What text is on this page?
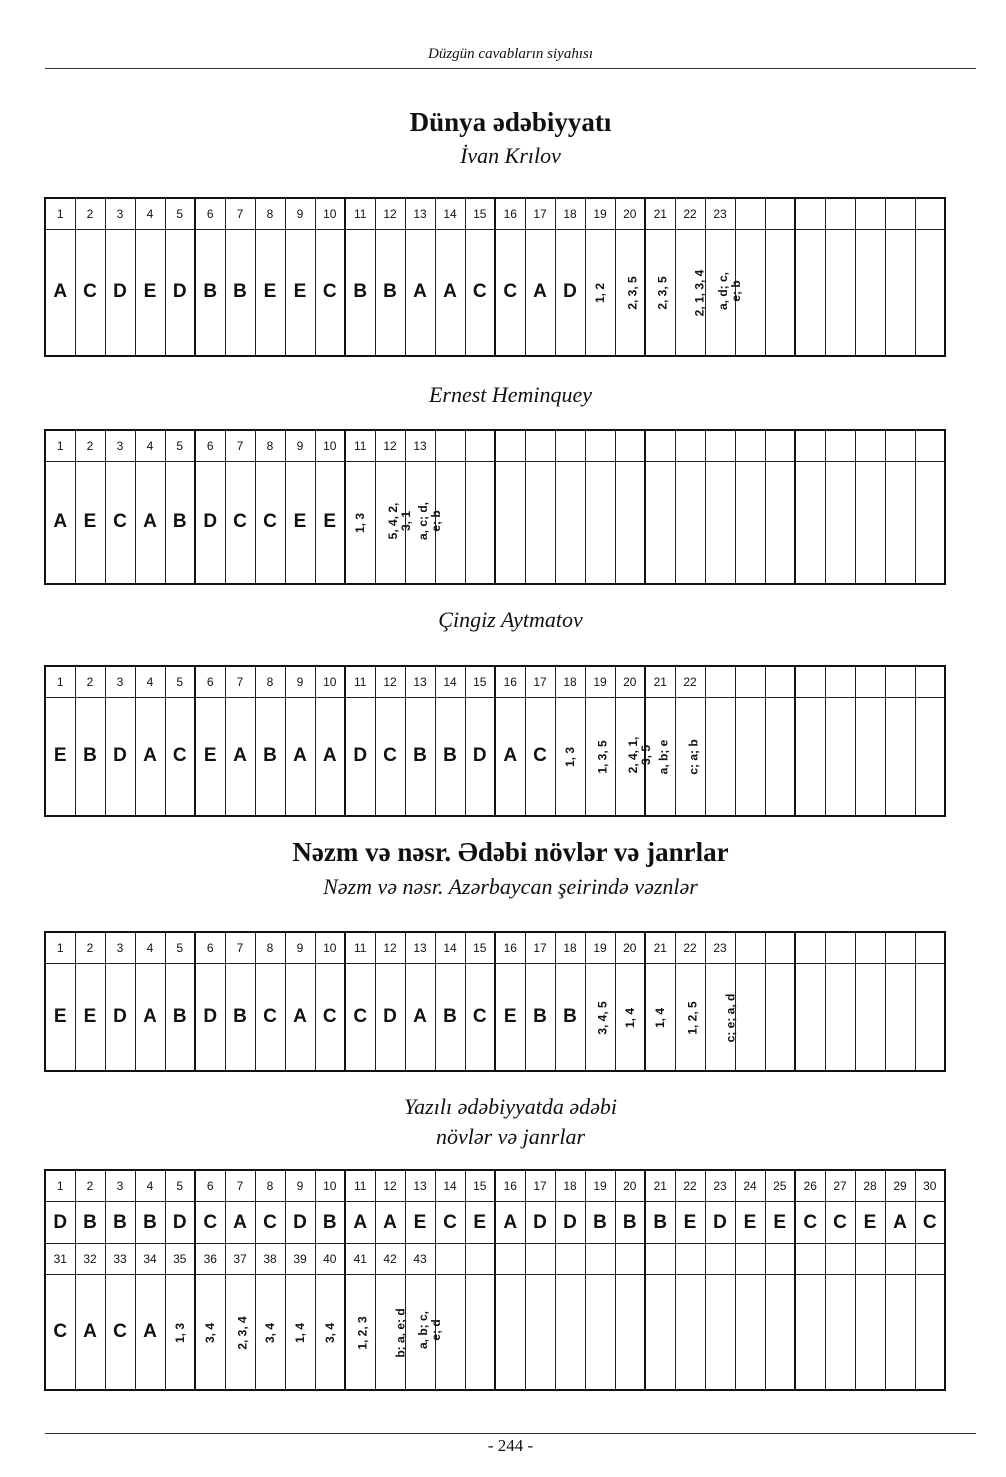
Düzgün cavabların siyahısı
Dünya ədəbiyyatı
İvan Krılov
1	2	3	4	5	6	7	8	9	10	11	12	13	14	15	16	17	18	19	20	21	22	23							
A	C	D	E	D	B	B	E	E	C	B	B	A	A	C	C	A	D	1, 2	2, 3, 5	2, 3, 5	2, 1, 3, 4	a, d; c, e; b							
Ernest Heminquey
1	2	3	4	5	6	7	8	9	10	11	12	13																	
A	E	C	A	B	D	C	C	E	E	1, 3	5, 4, 2, 3, 1	a, c; d, e; b																	
Çingiz Aytmatov
1	2	3	4	5	6	7	8	9	10	11	12	13	14	15	16	17	18	19	20	21	22								
E	B	D	A	C	E	A	B	A	A	D	C	B	B	D	A	C	1, 3	1, 3, 5	2, 4, 1, 3, 5	a, b; e	c; a; b								
Nəzm və nəsr. Ədəbi növlər və janrlar
Nəzm və nəsr. Azərbaycan şeirində vəznlər
1	2	3	4	5	6	7	8	9	10	11	12	13	14	15	16	17	18	19	20	21	22	23							
E	E	D	A	B	D	B	C	A	C	C	D	A	B	C	E	B	B	3, 4, 5	1, 4	1, 4	1, 2, 5	c; e; a, d							
Yazılı ədəbiyyatda ədəbi
növlər və janrlar
1	2	3	4	5	6	7	8	9	10	11	12	13	14	15	16	17	18	19	20	21	22	23	24	25	26	27	28	29	30
D	B	B	B	D	C	A	C	D	B	A	A	E	C	E	A	D	D	B	B	B	E	D	E	E	C	C	E	A	C
31	32	33	34	35	36	37	38	39	40	41	42	43																	
C	A	C	A	1, 3	3, 4	2, 3, 4	3, 4	1, 4	3, 4	1, 2, 3	b; a, e; d	a, b; c, e; d																	
- 244 -
